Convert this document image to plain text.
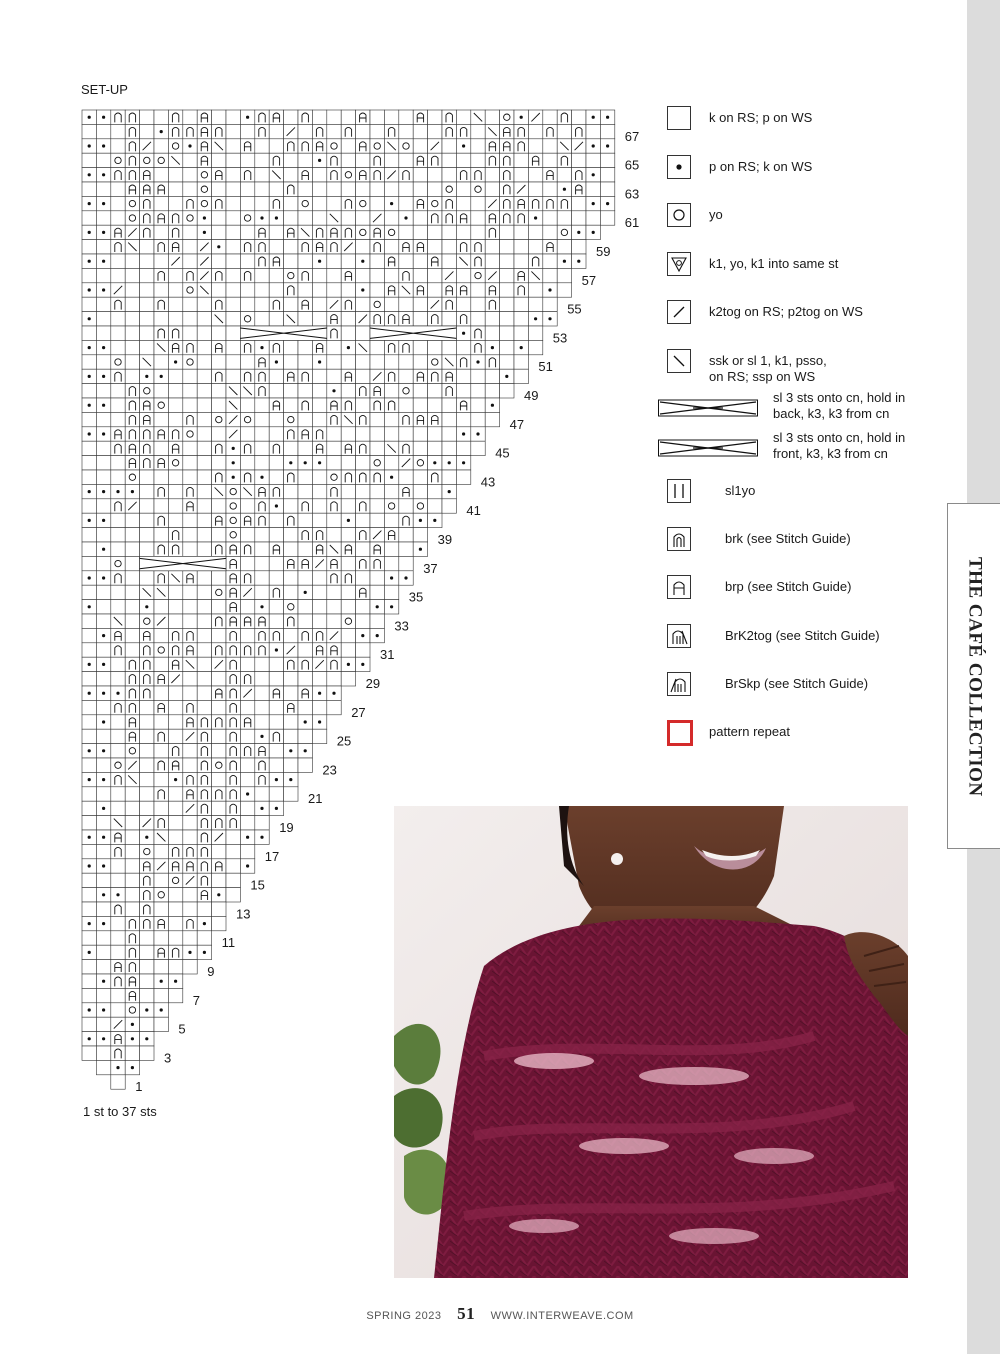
THE CAFÉ COLLECTION
SET-UP
67
65
63
61
59
57
55
53
51
49
47
45
43
41
39
37
35
33
31
29
27
25
23
21
19
17
15
13
11
9
7
5
3
1
1 st to 37 sts
k on RS; p on WS
p on RS; k on WS
yo
k1, yo, k1 into same st
k2tog on RS; p2tog on WS
ssk or sl 1, k1, psso,
on RS; ssp on WS
sl 3 sts onto cn, hold in
back, k3, k3 from cn
sl 3 sts onto cn, hold in
front, k3, k3 from cn
sl1yo
brk (see Stitch Guide)
brp (see Stitch Guide)
BrK2tog (see Stitch Guide)
BrSkp (see Stitch Guide)
pattern repeat
SPRING 2023 51 WWW.INTERWEAVE.COM
